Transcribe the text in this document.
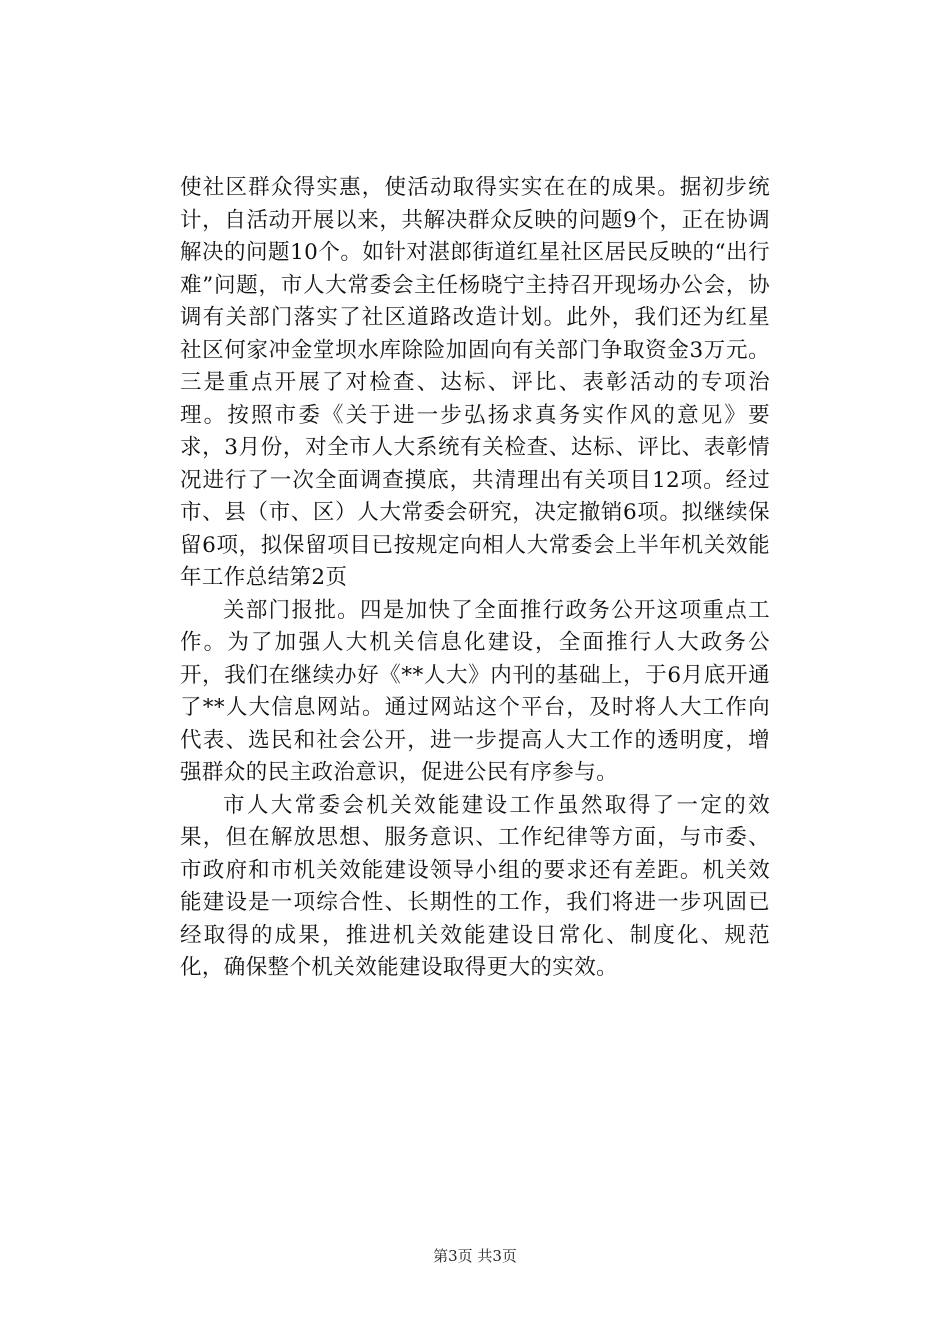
使社区群众得实惠，使活动取得实实在在的成果。据初步统计，自活动开展以来，共解决群众反映的问题9个，正在协调解决的问题10个。如针对湛郎街道红星社区居民反映的“出行难”问题，市人大常委会主任杨晓宁主持召开现场办公会，协调有关部门落实了社区道路改造计划。此外，我们还为红星社区何家冲金堂坝水库除险加固向有关部门争取资金3万元。三是重点开展了对检查、达标、评比、表彰活动的专项治理。按照市委《关于进一步弘扬求真务实作风的意见》要求，3月份，对全市人大系统有关检查、达标、评比、表彰情况进行了一次全面调查摸底，共清理出有关项目12项。经过市、县（市、区）人大常委会研究，决定撤销6项。拟继续保留6项，拟保留项目已按规定向相人大常委会上半年机关效能年工作总结第2页

关部门报批。四是加快了全面推行政务公开这项重点工作。为了加强人大机关信息化建设，全面推行人大政务公开，我们在继续办好《**人大》内刊的基础上，于6月底开通了**人大信息网站。通过网站这个平台，及时将人大工作向代表、选民和社会公开，进一步提高人大工作的透明度，增强群众的民主政治意识，促进公民有序参与。

市人大常委会机关效能建设工作虽然取得了一定的效果，但在解放思想、服务意识、工作纪律等方面，与市委、市政府和市机关效能建设领导小组的要求还有差距。机关效能建设是一项综合性、长期性的工作，我们将进一步巩固已经取得的成果，推进机关效能建设日常化、制度化、规范化，确保整个机关效能建设取得更大的实效。

第3页 共3页
